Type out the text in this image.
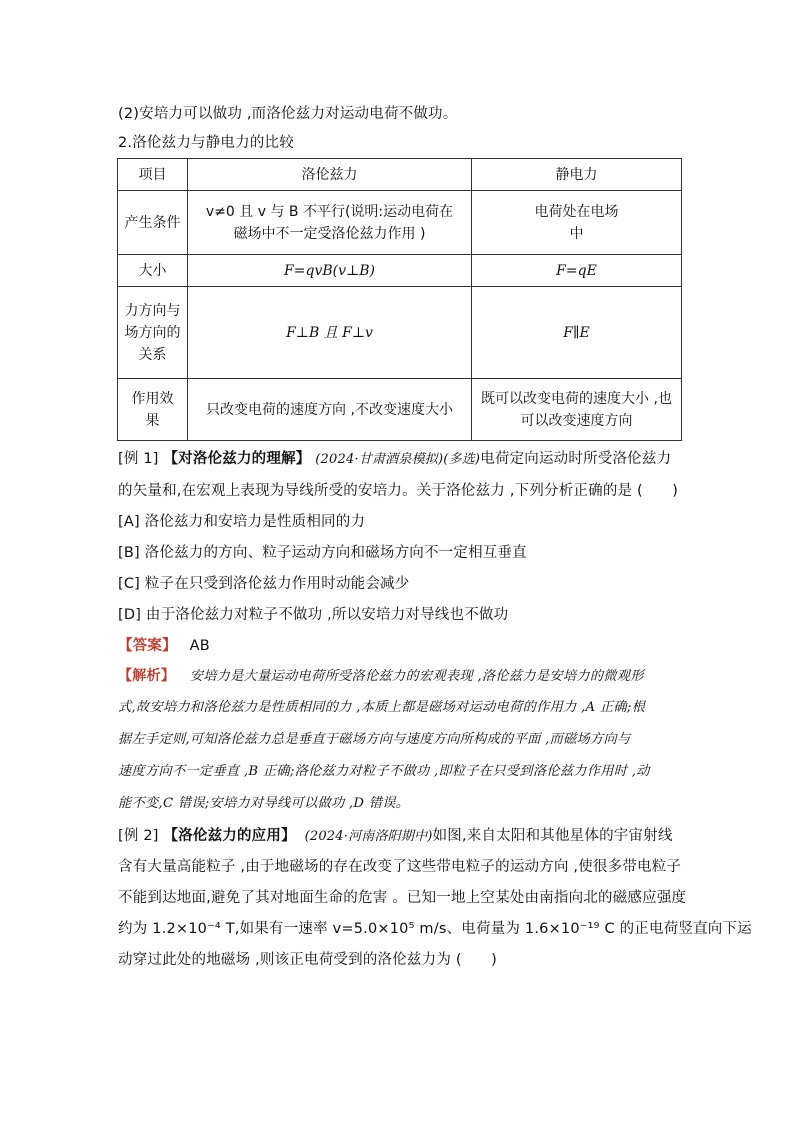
(2)安培力可以做功 ,而洛伦兹力对运动电荷不做功。
2.洛伦兹力与静电力的比较
项目	洛伦兹力	静电力
产生条件	v≠0 且 v 与 B 不平行(说明:运动电荷在磁场中不一定受洛伦兹力作用 )	电荷处在电场中
大小	F=qvB(v⊥B)	F=qE
力方向与场方向的关系	F⊥B 且 F⊥v	F∥E
作用效果	只改变电荷的速度方向 ,不改变速度大小	既可以改变电荷的速度大小 ,也可以改变速度方向
[例 1] 【对洛伦兹力的理解】 (2024·甘肃酒泉模拟)(多选)电荷定向运动时所受洛伦兹力
的矢量和,在宏观上表现为导线所受的安培力。关于洛伦兹力 ,下列分析正确的是 (　　)
[A] 洛伦兹力和安培力是性质相同的力
[B] 洛伦兹力的方向、粒子运动方向和磁场方向不一定相互垂直
[C] 粒子在只受到洛伦兹力作用时动能会减少
[D] 由于洛伦兹力对粒子不做功 ,所以安培力对导线也不做功
【答案】 AB
【解析】 安培力是大量运动电荷所受洛伦兹力的宏观表现 ,洛伦兹力是安培力的微观形
式,故安培力和洛伦兹力是性质相同的力 ,本质上都是磁场对运动电荷的作用力 ,A 正确;根
据左手定则,可知洛伦兹力总是垂直于磁场方向与速度方向所构成的平面 ,而磁场方向与
速度方向不一定垂直 ,B 正确;洛伦兹力对粒子不做功 ,即粒子在只受到洛伦兹力作用时 ,动
能不变,C 错误;安培力对导线可以做功 ,D 错误。
[例 2] 【洛伦兹力的应用】 (2024·河南洛阳期中)如图,来自太阳和其他星体的宇宙射线
含有大量高能粒子 ,由于地磁场的存在改变了这些带电粒子的运动方向 ,使很多带电粒子
不能到达地面,避免了其对地面生命的危害 。已知一地上空某处由南指向北的磁感应强度
约为 1.2×10⁻⁴ T,如果有一速率 v=5.0×10⁵ m/s、电荷量为 1.6×10⁻¹⁹ C 的正电荷竖直向下运
动穿过此处的地磁场 ,则该正电荷受到的洛伦兹力为 (　　)
